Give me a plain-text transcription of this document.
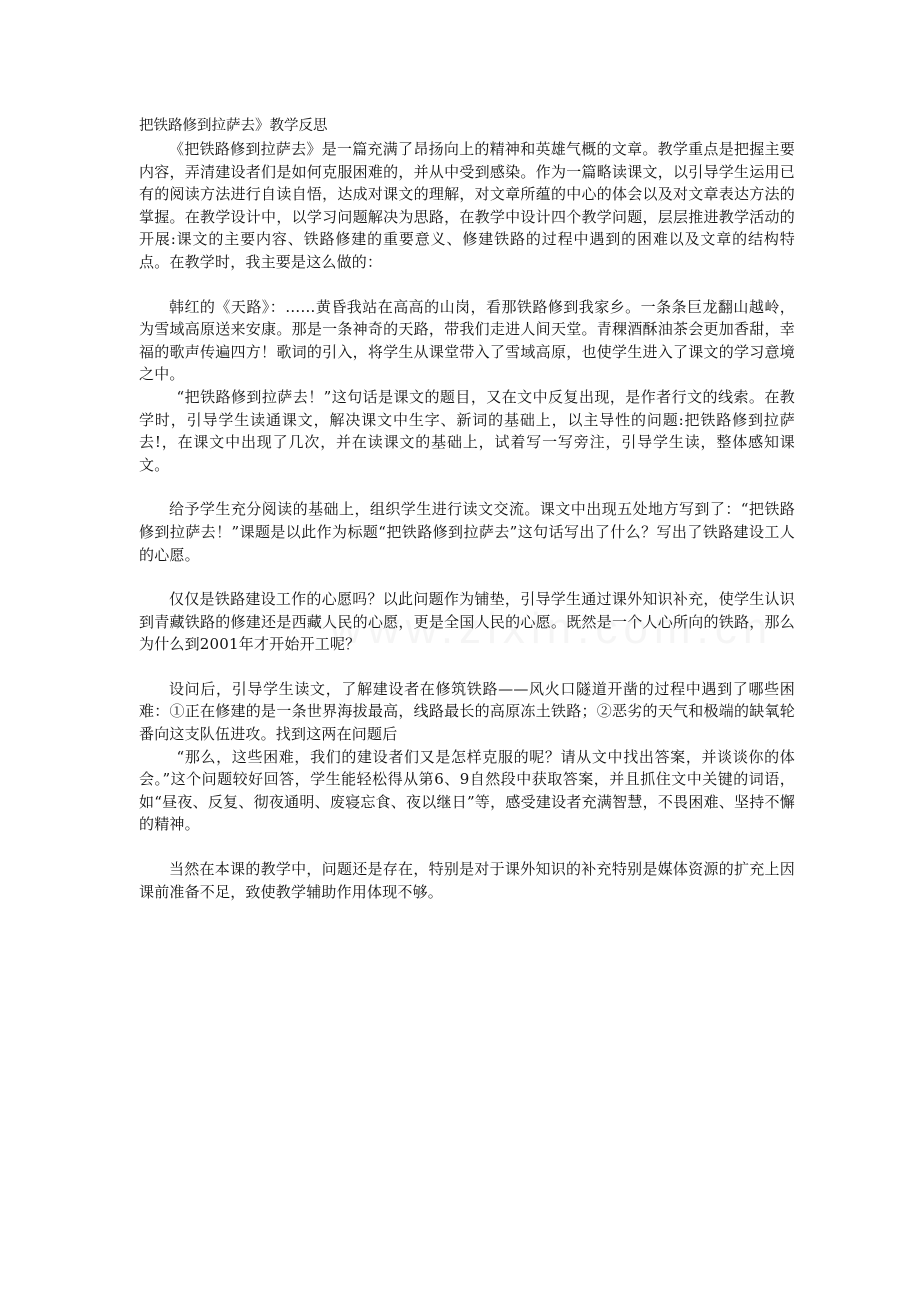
把铁路修到拉萨去》教学反思

《把铁路修到拉萨去》是一篇充满了昂扬向上的精神和英雄气概的文章。教学重点是把握主要内容，弄清建设者们是如何克服困难的，并从中受到感染。作为一篇略读课文，以引导学生运用已有的阅读方法进行自读自悟，达成对课文的理解，对文章所蕴的中心的体会以及对文章表达方法的掌握。在教学设计中，以学习问题解决为思路，在教学中设计四个教学问题，层层推进教学活动的开展:课文的主要内容、铁路修建的重要意义、修建铁路的过程中遇到的困难以及文章的结构特点。在教学时，我主要是这么做的：

韩红的《天路》：……黄昏我站在高高的山岗，看那铁路修到我家乡。一条条巨龙翻山越岭，为雪域高原送来安康。那是一条神奇的天路，带我们走进人间天堂。青稞酒酥油茶会更加香甜，幸福的歌声传遍四方！歌词的引入，将学生从课堂带入了雪域高原，也使学生进入了课文的学习意境之中。

“把铁路修到拉萨去！”这句话是课文的题目，又在文中反复出现，是作者行文的线索。在教学时，引导学生读通课文，解决课文中生字、新词的基础上，以主导性的问题:把铁路修到拉萨去!，在课文中出现了几次，并在读课文的基础上，试着写一写旁注，引导学生读，整体感知课文。

给予学生充分阅读的基础上，组织学生进行读文交流。课文中出现五处地方写到了：“把铁路修到拉萨去！”课题是以此作为标题“把铁路修到拉萨去”这句话写出了什么？写出了铁路建设工人的心愿。

仅仅是铁路建设工作的心愿吗？以此问题作为铺垫，引导学生通过课外知识补充，使学生认识到青藏铁路的修建还是西藏人民的心愿，更是全国人民的心愿。既然是一个人心所向的铁路，那么为什么到2001年才开始开工呢？

设问后，引导学生读文，了解建设者在修筑铁路——风火口隧道开凿的过程中遇到了哪些困难：①正在修建的是一条世界海拔最高，线路最长的高原冻土铁路；②恶劣的天气和极端的缺氧轮番向这支队伍进攻。找到这两在问题后

“那么，这些困难，我们的建设者们又是怎样克服的呢？请从文中找出答案，并谈谈你的体会。”这个问题较好回答，学生能轻松得从第6、9自然段中获取答案，并且抓住文中关键的词语，如“昼夜、反复、彻夜通明、废寝忘食、夜以继日”等，感受建设者充满智慧，不畏困难、坚持不懈的精神。

当然在本课的教学中，问题还是存在，特别是对于课外知识的补充特别是媒体资源的扩充上因课前准备不足，致使教学辅助作用体现不够。
